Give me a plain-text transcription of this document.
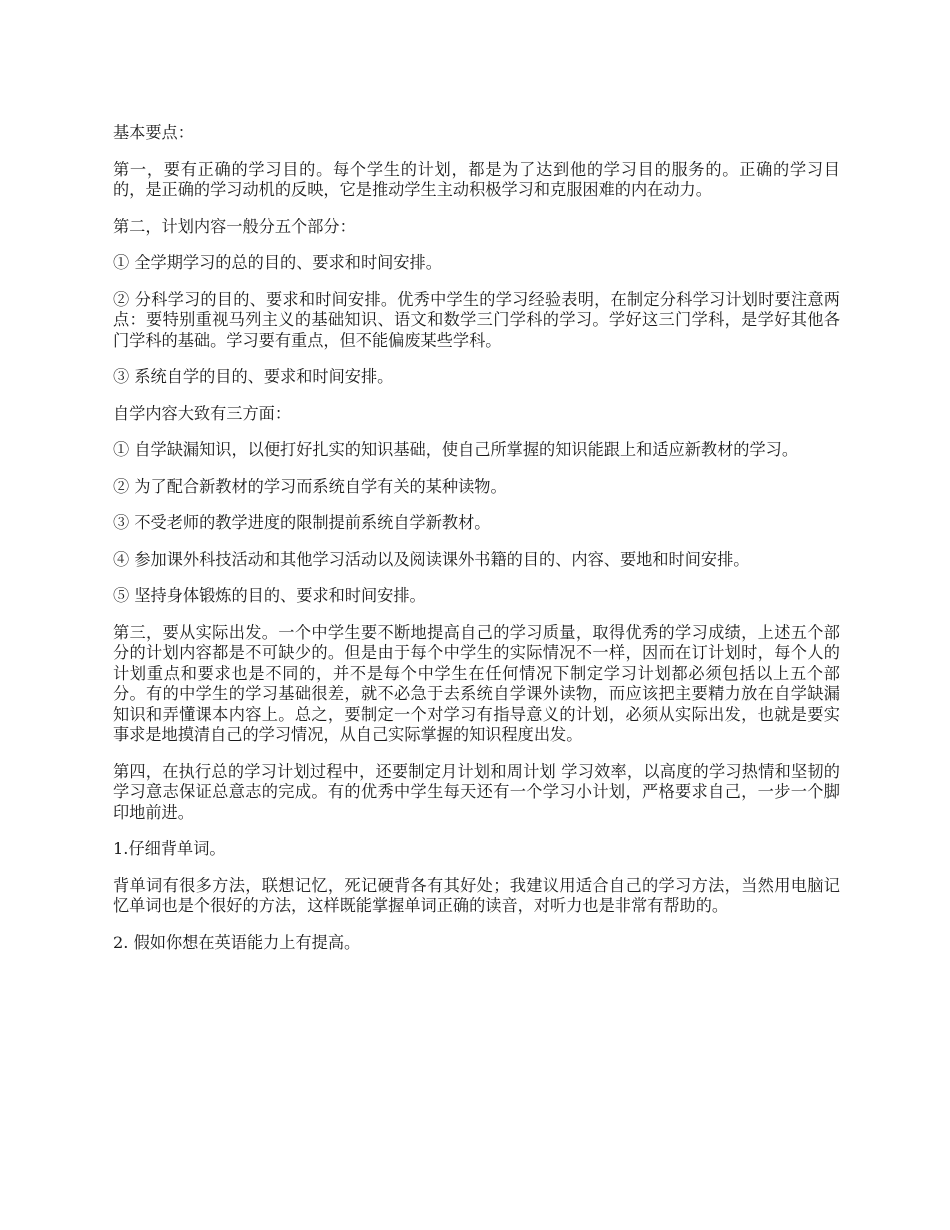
基本要点：

第一，要有正确的学习目的。每个学生的计划，都是为了达到他的学习目的服务的。正确的学习目的，是正确的学习动机的反映，它是推动学生主动积极学习和克服困难的内在动力。

第二，计划内容一般分五个部分：

① 全学期学习的总的目的、要求和时间安排。

② 分科学习的目的、要求和时间安排。优秀中学生的学习经验表明，在制定分科学习计划时要注意两点：要特别重视马列主义的基础知识、语文和数学三门学科的学习。学好这三门学科，是学好其他各门学科的基础。学习要有重点，但不能偏废某些学科。

③ 系统自学的目的、要求和时间安排。

自学内容大致有三方面：

① 自学缺漏知识，以便打好扎实的知识基础，使自己所掌握的知识能跟上和适应新教材的学习。

② 为了配合新教材的学习而系统自学有关的某种读物。

③ 不受老师的教学进度的限制提前系统自学新教材。

④ 参加课外科技活动和其他学习活动以及阅读课外书籍的目的、内容、要地和时间安排。

⑤ 坚持身体锻炼的目的、要求和时间安排。

第三，要从实际出发。一个中学生要不断地提高自己的学习质量，取得优秀的学习成绩，上述五个部分的计划内容都是不可缺少的。但是由于每个中学生的实际情况不一样，因而在订计划时，每个人的计划重点和要求也是不同的，并不是每个中学生在任何情况下制定学习计划都必须包括以上五个部分。有的中学生的学习基础很差，就不必急于去系统自学课外读物，而应该把主要精力放在自学缺漏知识和弄懂课本内容上。总之，要制定一个对学习有指导意义的计划，必须从实际出发，也就是要实事求是地摸清自己的学习情况，从自己实际掌握的知识程度出发。

第四，在执行总的学习计划过程中，还要制定月计划和周计划 学习效率，以高度的学习热情和坚韧的学习意志保证总意志的完成。有的优秀中学生每天还有一个学习小计划，严格要求自己，一步一个脚印地前进。

1.仔细背单词。

背单词有很多方法，联想记忆，死记硬背各有其好处；我建议用适合自己的学习方法，当然用电脑记忆单词也是个很好的方法，这样既能掌握单词正确的读音，对听力也是非常有帮助的。

2. 假如你想在英语能力上有提高。
